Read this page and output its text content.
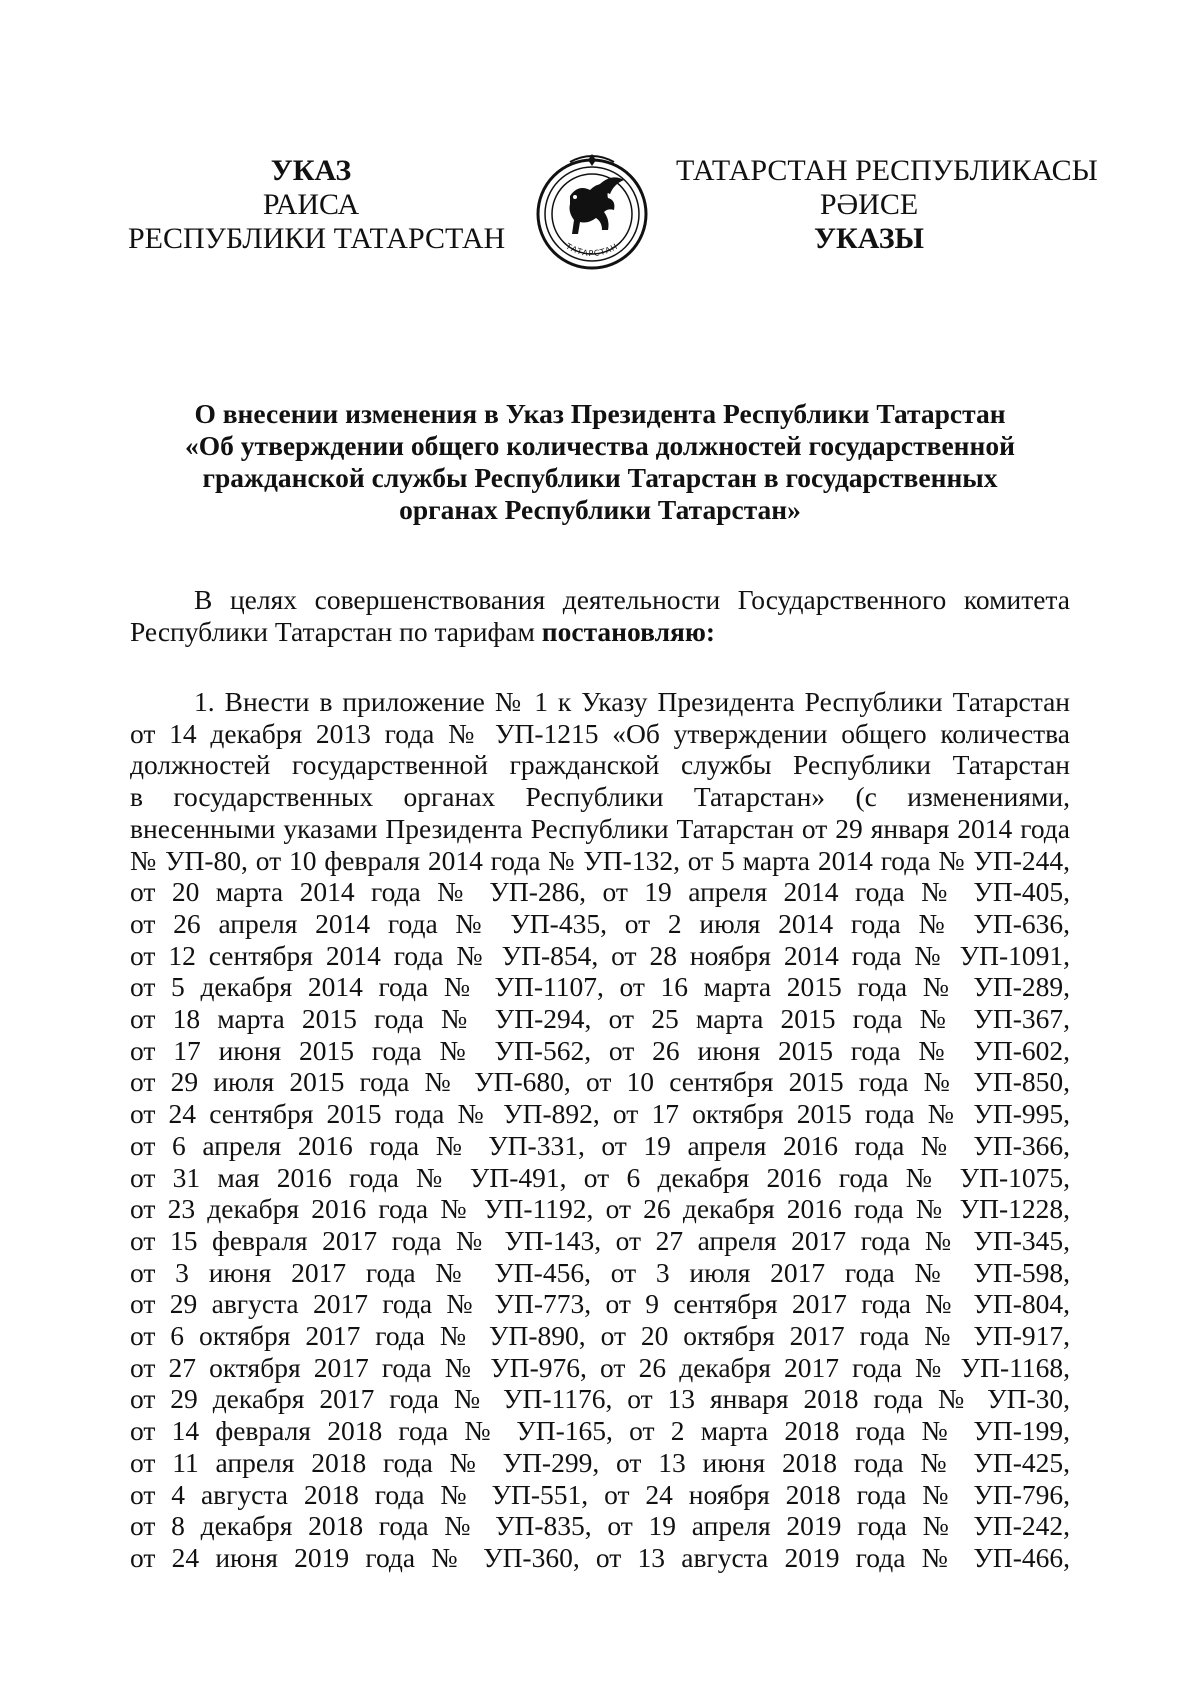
УКАЗ
РАИСА
РЕСПУБЛИКИ ТАТАРСТАН	ТАТАРСТАН
ТАТАРСТАН РЕСПУБЛИКАСЫ
РӘИСЕ
УКАЗЫ
О внесении изменения в Указ Президента Республики Татарстан
«Об утверждении общего количества должностей государственной
гражданской службы Республики Татарстан в государственных
органах Республики Татарстан»
В целях совершенствования деятельности Государственного комитета
Республики Татарстан по тарифам постановляю:
1. Внести в приложение № 1 к Указу Президента Республики Татарстан
от 14 декабря 2013 года № УП-1215 «Об утверждении общего количества
должностей государственной гражданской службы Республики Татарстан
в государственных органах Республики Татарстан» (с изменениями,
внесенными указами Президента Республики Татарстан от 29 января 2014 года
№ УП-80, от 10 февраля 2014 года № УП-132, от 5 марта 2014 года № УП-244,
от 20 марта 2014 года № УП-286, от 19 апреля 2014 года № УП-405,
от 26 апреля 2014 года № УП-435, от 2 июля 2014 года № УП-636,
от 12 сентября 2014 года № УП-854, от 28 ноября 2014 года № УП-1091,
от 5 декабря 2014 года № УП-1107, от 16 марта 2015 года № УП-289,
от 18 марта 2015 года № УП-294, от 25 марта 2015 года № УП-367,
от 17 июня 2015 года № УП-562, от 26 июня 2015 года № УП-602,
от 29 июля 2015 года № УП-680, от 10 сентября 2015 года № УП-850,
от 24 сентября 2015 года № УП-892, от 17 октября 2015 года № УП-995,
от 6 апреля 2016 года № УП-331, от 19 апреля 2016 года № УП-366,
от 31 мая 2016 года № УП-491, от 6 декабря 2016 года № УП-1075,
от 23 декабря 2016 года № УП-1192, от 26 декабря 2016 года № УП-1228,
от 15 февраля 2017 года № УП-143, от 27 апреля 2017 года № УП-345,
от 3 июня 2017 года № УП-456, от 3 июля 2017 года № УП-598,
от 29 августа 2017 года № УП-773, от 9 сентября 2017 года № УП-804,
от 6 октября 2017 года № УП-890, от 20 октября 2017 года № УП-917,
от 27 октября 2017 года № УП-976, от 26 декабря 2017 года № УП-1168,
от 29 декабря 2017 года № УП-1176, от 13 января 2018 года № УП-30,
от 14 февраля 2018 года № УП-165, от 2 марта 2018 года № УП-199,
от 11 апреля 2018 года № УП-299, от 13 июня 2018 года № УП-425,
от 4 августа 2018 года № УП-551, от 24 ноября 2018 года № УП-796,
от 8 декабря 2018 года № УП-835, от 19 апреля 2019 года № УП-242,
от 24 июня 2019 года № УП-360, от 13 августа 2019 года № УП-466,
